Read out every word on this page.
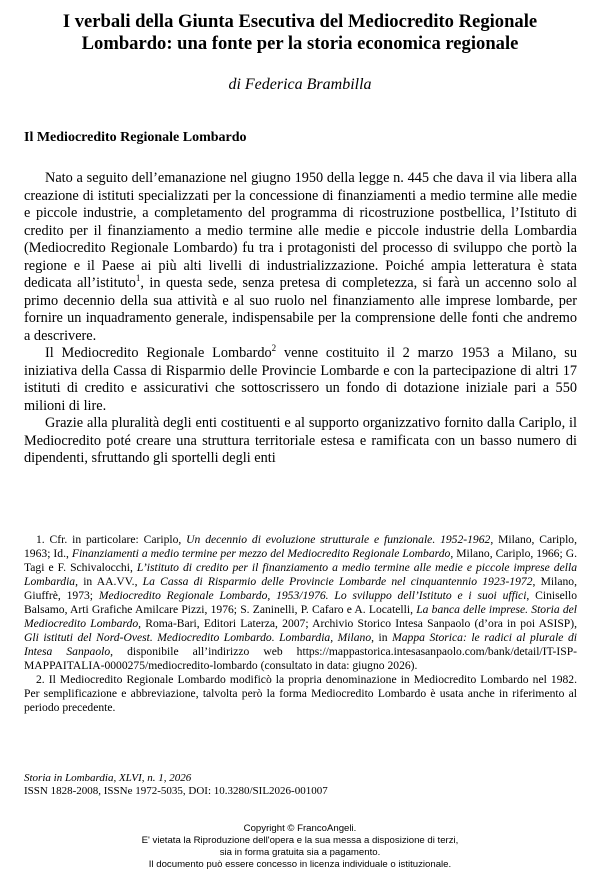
I verbali della Giunta Esecutiva del Mediocredito Regionale
Lombardo: una fonte per la storia economica regionale
di Federica Brambilla
Il Mediocredito Regionale Lombardo

Nato a seguito dell’emanazione nel giugno 1950 della legge n. 445 che dava il via libera alla creazione di istituti specializzati per la concessione di finanziamenti a medio termine alle medie e piccole industrie, a completamento del programma di ricostruzione postbellica, l’Istituto di credito per il finanziamento a medio termine alle medie e piccole industrie della Lombardia (Mediocredito Regionale Lombardo) fu tra i protagonisti del processo di sviluppo che portò la regione e il Paese ai più alti livelli di industrializzazione. Poiché ampia letteratura è stata dedicata all’istituto$^1$, in questa sede, senza pretesa di completezza, si farà un accenno solo al primo decennio della sua attività e al suo ruolo nel finanziamento alle imprese lombarde, per fornire un inquadramento generale, indispensabile per la comprensione delle fonti che andremo a descrivere.

Il Mediocredito Regionale Lombardo$^2$ venne costituito il 2 marzo 1953 a Milano, su iniziativa della Cassa di Risparmio delle Provincie Lombarde e con la partecipazione di altri 17 istituti di credito e assicurativi che sottoscrissero un fondo di dotazione iniziale pari a 550 milioni di lire.

Grazie alla pluralità degli enti costituenti e al supporto organizzativo fornito dalla Cariplo, il Mediocredito poté creare una struttura territoriale estesa e ramificata con un basso numero di dipendenti, sfruttando gli sportelli degli enti

1. Cfr. in particolare: Cariplo, Un decennio di evoluzione strutturale e funzionale. 1952-1962, Milano, Cariplo, 1963; Id., Finanziamenti a medio termine per mezzo del Mediocredito Regionale Lombardo, Milano, Cariplo, 1966; G. Tagi e F. Schivalocchi, L’istituto di credito per il finanziamento a medio termine alle medie e piccole imprese della Lombardia, in AA.VV., La Cassa di Risparmio delle Provincie Lombarde nel cinquantennio 1923-1972, Milano, Giuffrè, 1973; Mediocredito Regionale Lombardo, 1953/1976. Lo sviluppo dell’Istituto e i suoi uffici, Cinisello Balsamo, Arti Grafiche Amilcare Pizzi, 1976; S. Zaninelli, P. Cafaro e A. Locatelli, La banca delle imprese. Storia del Mediocredito Lombardo, Roma-Bari, Editori Laterza, 2007; Archivio Storico Intesa Sanpaolo (d’ora in poi ASISP), Gli istituti del Nord-Ovest. Mediocredito Lombardo. Lombardia, Milano, in Mappa Storica: le radici al plurale di Intesa Sanpaolo, disponibile all’indirizzo web https://mappastorica.intesasanpaolo.com/bank/detail/IT-ISP-MAPPAITALIA-0000275/mediocredito-lombardo (consultato in data: giugno 2026).

2. Il Mediocredito Regionale Lombardo modificò la propria denominazione in Mediocredito Lombardo nel 1982. Per semplificazione e abbreviazione, talvolta però la forma Mediocredito Lombardo è usata anche in riferimento al periodo precedente.

Storia in Lombardia, XLVI, n. 1, 2026
ISSN 1828-2008, ISSNe 1972-5035, DOI: 10.3280/SIL2026-001007
Copyright © FrancoAngeli.
E' vietata la Riproduzione dell'opera e la sua messa a disposizione di terzi,
sia in forma gratuita sia a pagamento.
Il documento può essere concesso in licenza individuale o istituzionale.
